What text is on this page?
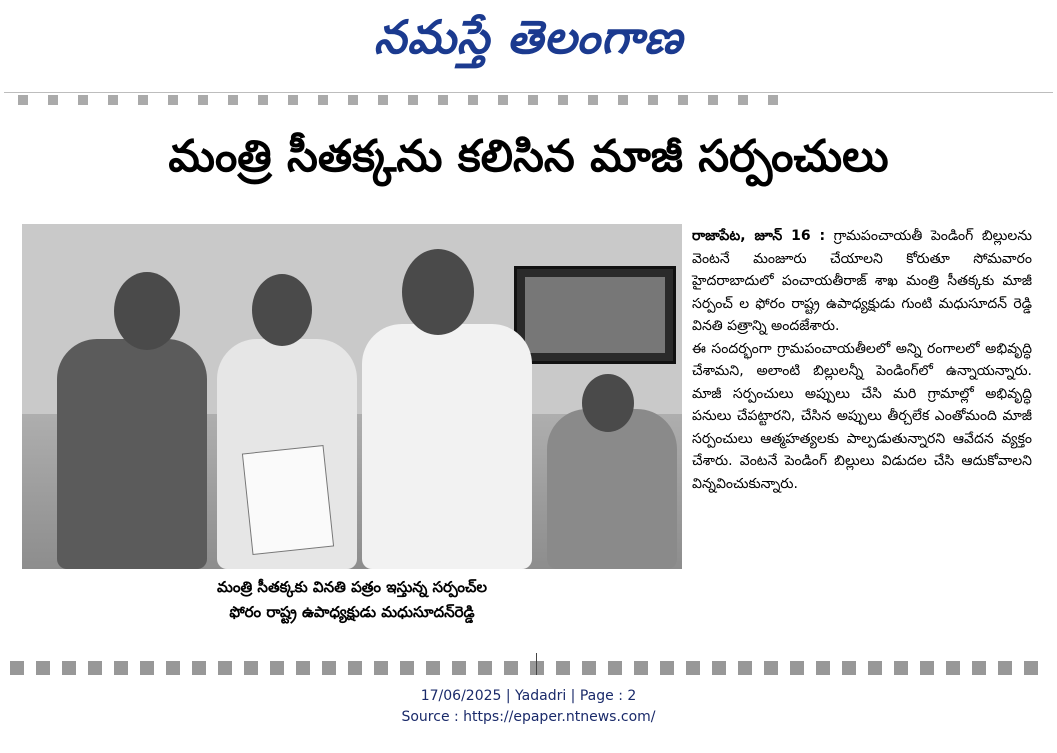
నమస్తే తెలంగాణ
మంత్రి సీతక్కను కలిసిన మాజీ సర్పంచులు
మంత్రి సీతక్కకు వినతి పత్రం ఇస్తున్న సర్పంచ్‌ల
ఫోరం రాష్ట్ర ఉపాధ్యక్షుడు మధుసూదన్‌రెడ్డి

రాజాపేట, జూన్‌ 16 : గ్రామపంచాయతీ పెండింగ్‌ బిల్లులను వెంటనే మంజూరు చేయాలని కోరుతూ సోమవారం హైదరాబాదులో పంచాయతీరాజ్‌ శాఖ మంత్రి సీతక్కకు మాజీ సర్పంచ్‌ ల ఫోరం రాష్ట్ర ఉపాధ్యక్షుడు గుంటి మధుసూదన్‌ రెడ్డి వినతి పత్రాన్ని అందజేశారు.

ఈ సందర్భంగా గ్రామపంచాయతీలలో అన్ని రంగాలలో అభివృద్ధి చేశామని, అలాంటి బిల్లులన్నీ పెండింగ్‌లో ఉన్నాయన్నారు. మాజీ సర్పంచులు అప్పులు చేసి మరి గ్రామాల్లో అభివృద్ధి పనులు చేపట్టారని, చేసిన అప్పులు తీర్చలేక ఎంతోమంది మాజీ సర్పంచులు ఆత్మహత్యలకు పాల్పడుతున్నారని ఆవేదన వ్యక్తం చేశారు. వెంటనే పెండింగ్‌ బిల్లులు విడుదల చేసి ఆదుకోవాలని విన్నవించుకున్నారు.

17/06/2025 | Yadadri | Page : 2
Source : https://epaper.ntnews.com/
